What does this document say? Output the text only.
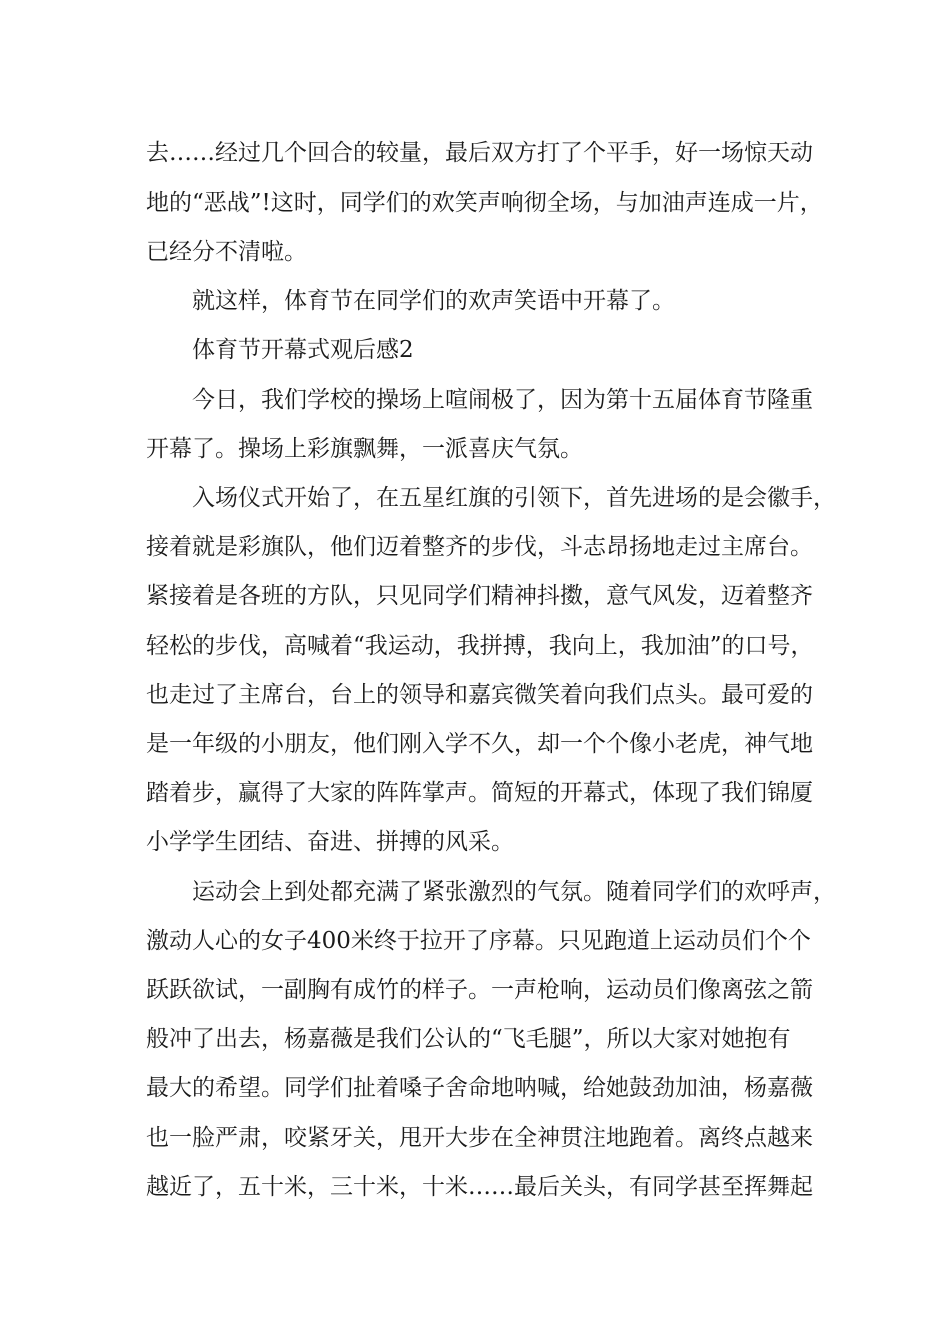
去……经过几个回合的较量，最后双方打了个平手，好一场惊天动
地的“恶战”!这时，同学们的欢笑声响彻全场，与加油声连成一片，
已经分不清啦。
就这样，体育节在同学们的欢声笑语中开幕了。
体育节开幕式观后感2
今日，我们学校的操场上喧闹极了，因为第十五届体育节隆重
开幕了。操场上彩旗飘舞，一派喜庆气氛。
入场仪式开始了，在五星红旗的引领下，首先进场的是会徽手，
接着就是彩旗队，他们迈着整齐的步伐，斗志昂扬地走过主席台。
紧接着是各班的方队，只见同学们精神抖擞，意气风发，迈着整齐
轻松的步伐，高喊着“我运动，我拼搏，我向上，我加油”的口号，
也走过了主席台，台上的领导和嘉宾微笑着向我们点头。最可爱的
是一年级的小朋友，他们刚入学不久，却一个个像小老虎，神气地
踏着步，赢得了大家的阵阵掌声。简短的开幕式，体现了我们锦厦
小学学生团结、奋进、拼搏的风采。
运动会上到处都充满了紧张激烈的气氛。随着同学们的欢呼声，
激动人心的女子400米终于拉开了序幕。只见跑道上运动员们个个
跃跃欲试，一副胸有成竹的样子。一声枪响，运动员们像离弦之箭
般冲了出去，杨嘉薇是我们公认的“飞毛腿”，所以大家对她抱有
最大的希望。同学们扯着嗓子舍命地呐喊，给她鼓劲加油，杨嘉薇
也一脸严肃，咬紧牙关，甩开大步在全神贯注地跑着。离终点越来
越近了，五十米，三十米，十米……最后关头，有同学甚至挥舞起
